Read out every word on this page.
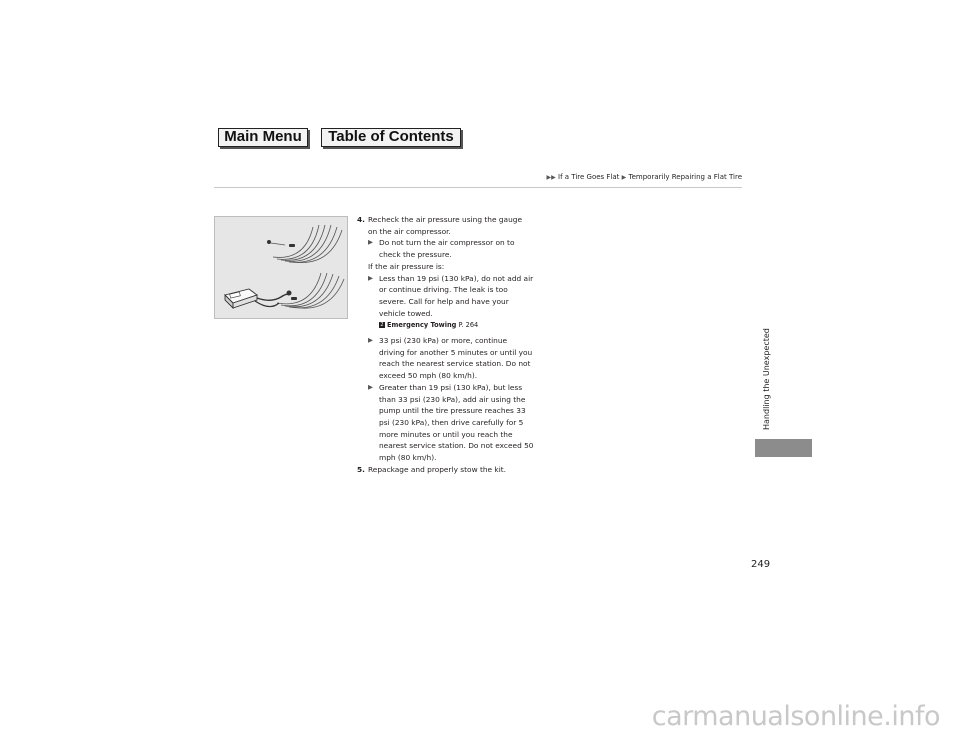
Main Menu	Table of Contents
▶▶ If a Tire Goes Flat ▶ Temporarily Repairing a Flat Tire
4. Recheck the air pressure using the gauge

on the air compressor.

▶ Do not turn the air compressor on to

check the pressure.

If the air pressure is:

▶ Less than 19 psi (130 kPa), do not add air

or continue driving. The leak is too

severe. Call for help and have your

vehicle towed.

2 Emergency Towing P. 264

▶ 33 psi (230 kPa) or more, continue

driving for another 5 minutes or until you

reach the nearest service station. Do not

exceed 50 mph (80 km/h).

▶ Greater than 19 psi (130 kPa), but less

than 33 psi (230 kPa), add air using the

pump until the tire pressure reaches 33

psi (230 kPa), then drive carefully for 5

more minutes or until you reach the

nearest service station. Do not exceed 50

mph (80 km/h).

5. Repackage and properly stow the kit.

Handling the Unexpected
249
carmanualsonline.info
